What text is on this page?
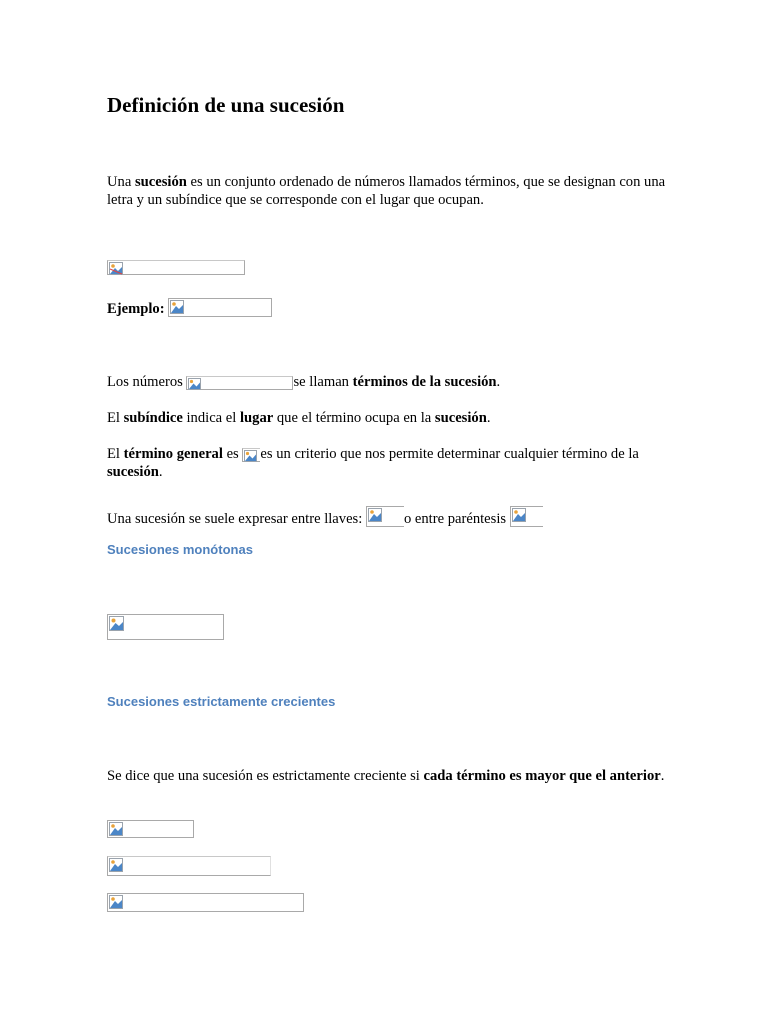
Definición de una sucesión

Una sucesión es un conjunto ordenado de números llamados términos, que se designan con una letra y un subíndice que se corresponde con el lugar que ocupan.

Ejemplo:

Los números	se llaman términos de la sucesión.

El subíndice indica el lugar que el término ocupa en la sucesión.

El término general es
es un criterio que nos permite determinar cualquier término de la sucesión.

Una sucesión se suele expresar entre llaves:	o entre paréntesis

Sucesiones monótonas
Sucesiones estrictamente crecientes

Se dice que una sucesión es estrictamente creciente si cada término es mayor que el anterior.
